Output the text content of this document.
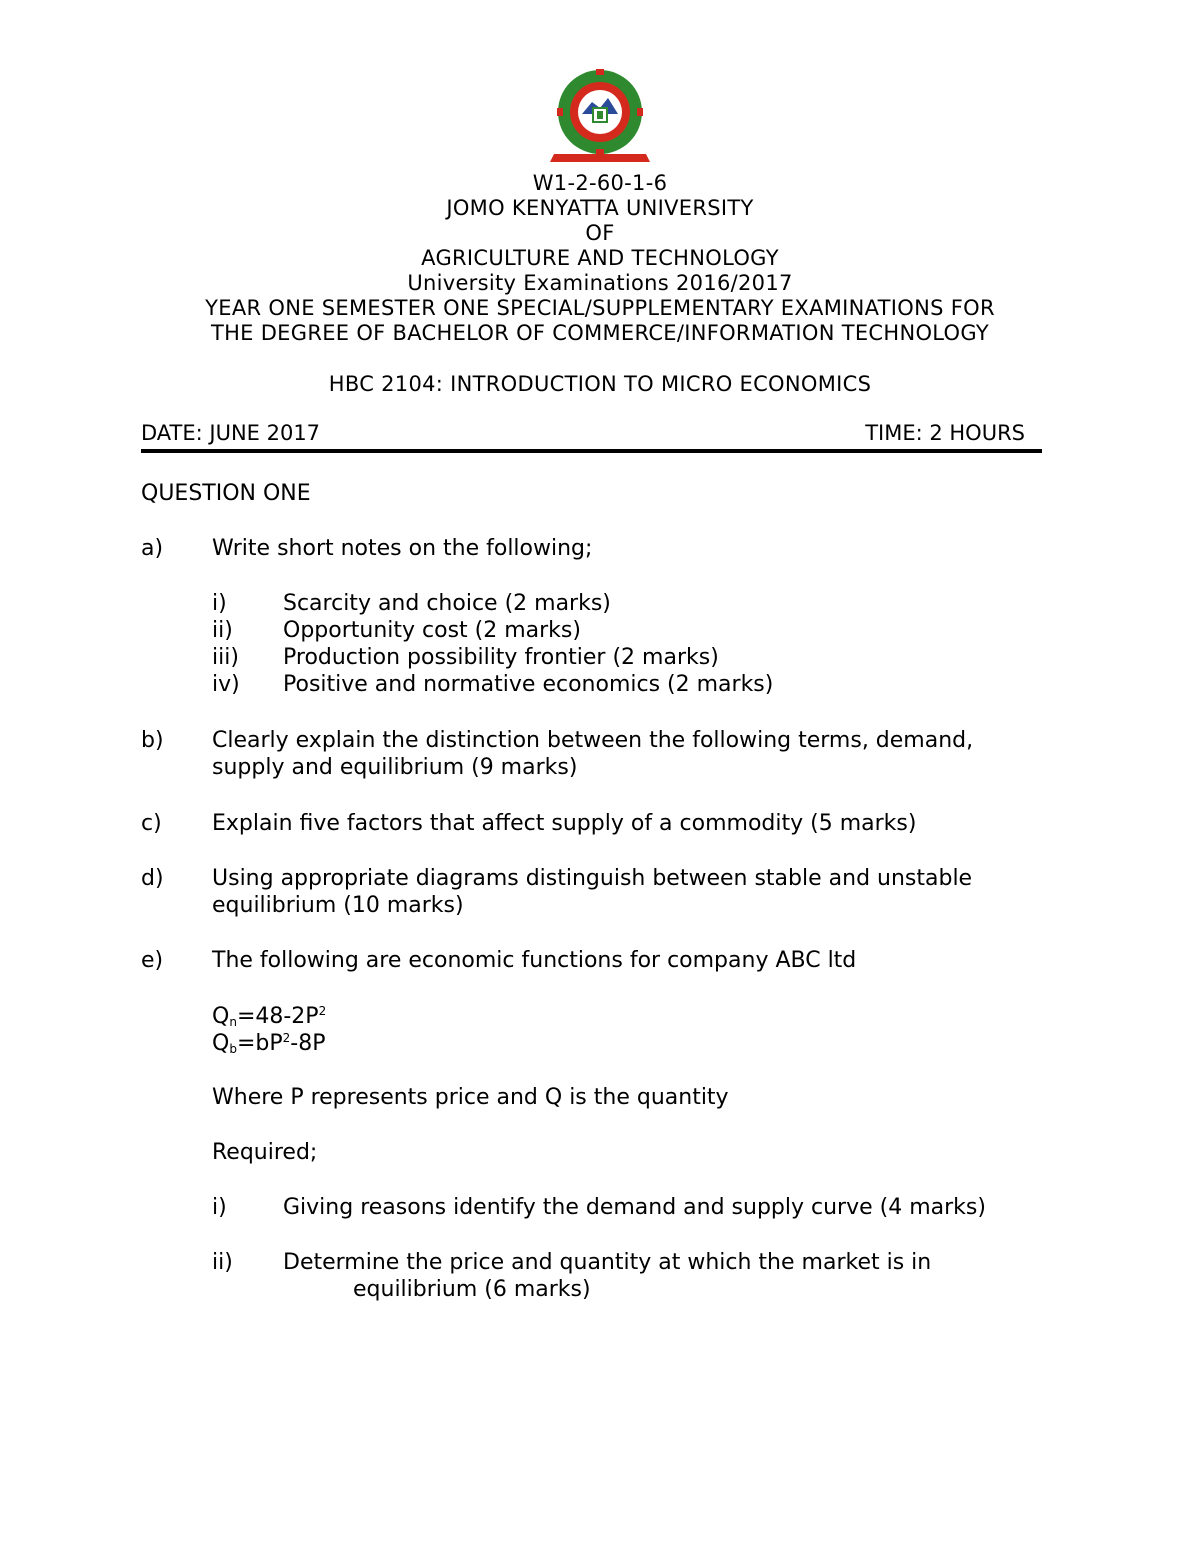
W1-2-60-1-6
JOMO KENYATTA UNIVERSITY
OF
AGRICULTURE AND TECHNOLOGY
University Examinations 2016/2017
YEAR ONE SEMESTER ONE SPECIAL/SUPPLEMENTARY EXAMINATIONS FOR
THE DEGREE OF BACHELOR OF COMMERCE/INFORMATION TECHNOLOGY
HBC 2104: INTRODUCTION TO MICRO ECONOMICS
DATE: JUNE 2017	TIME: 2 HOURS
QUESTION ONE
a) Write short notes on the following;
i)	Scarcity and choice (2 marks)
ii) Opportunity cost (2 marks)
iii) Production possibility frontier (2 marks)
iv) Positive and normative economics (2 marks)
b) Clearly explain the distinction between the following terms, demand,
supply and equilibrium (9 marks)
c) Explain five factors that affect supply of a commodity (5 marks)
d) Using appropriate diagrams distinguish between stable and unstable
equilibrium (10 marks)
e) The following are economic functions for company ABC ltd
$Qn=48-2P^2$
$Qb=bP^2-8P$
Where P represents price and Q is the quantity
Required;
i)	Giving reasons identify the demand and supply curve (4 marks)
ii) Determine the price and quantity at which the market is in
equilibrium (6 marks)
